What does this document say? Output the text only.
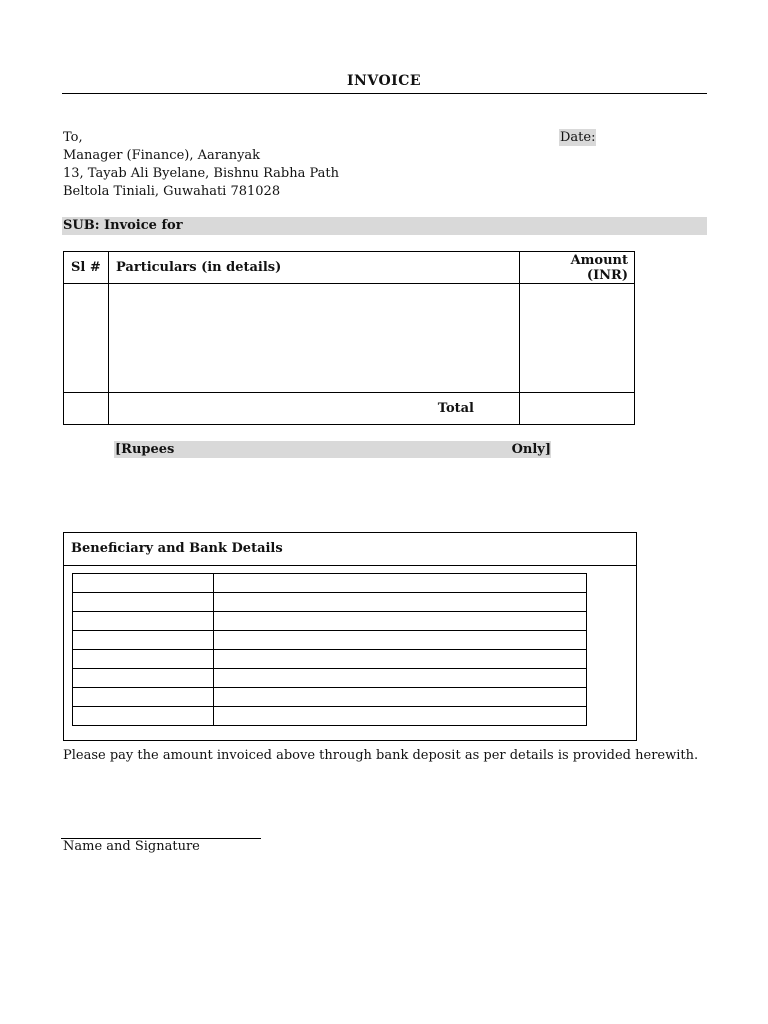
INVOICE
To,
Manager (Finance), Aaranyak
13, Tayab Ali Byelane, Bishnu Rabha Path
Beltola Tiniali, Guwahati 781028
Date:
SUB: Invoice for
Sl #	Particulars (in details)	Amount (INR)

	Total	
[Rupees	Only]
Beneficiary and Bank Details

Please pay the amount invoiced above through bank deposit as per details is provided herewith.
Name and Signature
